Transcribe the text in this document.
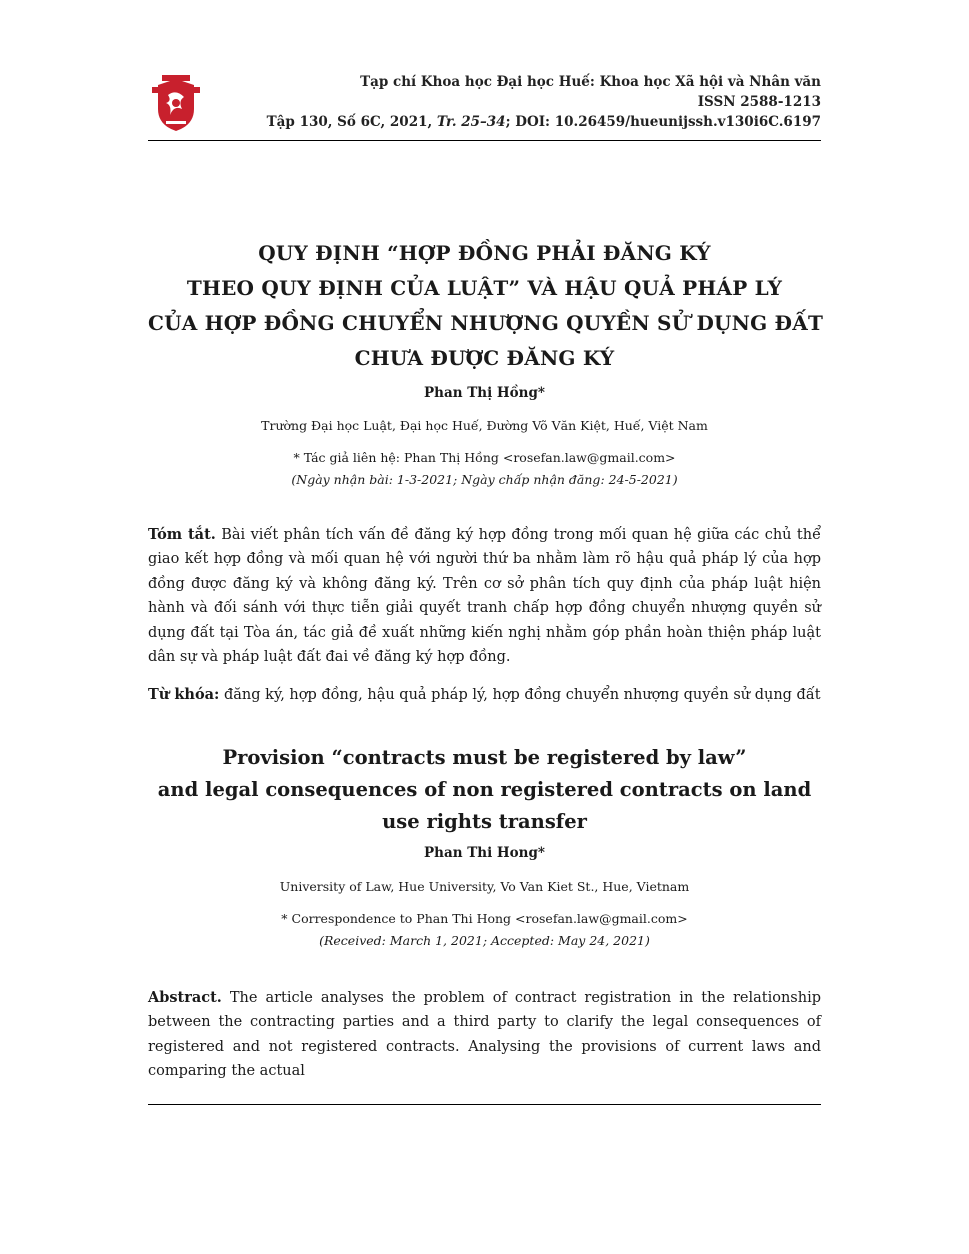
Tạp chí Khoa học Đại học Huế: Khoa học Xã hội và Nhân văn
ISSN 2588-1213
Tập 130, Số 6C, 2021, Tr. 25–34; DOI: 10.26459/hueunijssh.v130i6C.6197
QUY ĐỊNH “HỢP ĐỒNG PHẢI ĐĂNG KÝ
THEO QUY ĐỊNH CỦA LUẬT” VÀ HẬU QUẢ PHÁP LÝ
CỦA HỢP ĐỒNG CHUYỂN NHƯỢNG QUYỀN SỬ DỤNG ĐẤT
CHƯA ĐƯỢC ĐĂNG KÝ
Phan Thị Hồng*
Trường Đại học Luật, Đại học Huế, Đường Võ Văn Kiệt, Huế, Việt Nam
* Tác giả liên hệ: Phan Thị Hồng <rosefan.law@gmail.com>
(Ngày nhận bài: 1-3-2021; Ngày chấp nhận đăng: 24-5-2021)
Tóm tắt. Bài viết phân tích vấn đề đăng ký hợp đồng trong mối quan hệ giữa các chủ thể giao kết hợp đồng và mối quan hệ với người thứ ba nhằm làm rõ hậu quả pháp lý của hợp đồng được đăng ký và không đăng ký. Trên cơ sở phân tích quy định của pháp luật hiện hành và đối sánh với thực tiễn giải quyết tranh chấp hợp đồng chuyển nhượng quyền sử dụng đất tại Tòa án, tác giả đề xuất những kiến nghị nhằm góp phần hoàn thiện pháp luật dân sự và pháp luật đất đai về đăng ký hợp đồng.
Từ khóa: đăng ký, hợp đồng, hậu quả pháp lý, hợp đồng chuyển nhượng quyền sử dụng đất
Provision “contracts must be registered by law”
and legal consequences of non registered contracts on land
use rights transfer
Phan Thi Hong*
University of Law, Hue University, Vo Van Kiet St., Hue, Vietnam
* Correspondence to Phan Thi Hong <rosefan.law@gmail.com>
(Received: March 1, 2021; Accepted: May 24, 2021)
Abstract. The article analyses the problem of contract registration in the relationship between the contracting parties and a third party to clarify the legal consequences of registered and not registered contracts. Analysing the provisions of current laws and comparing the actual
